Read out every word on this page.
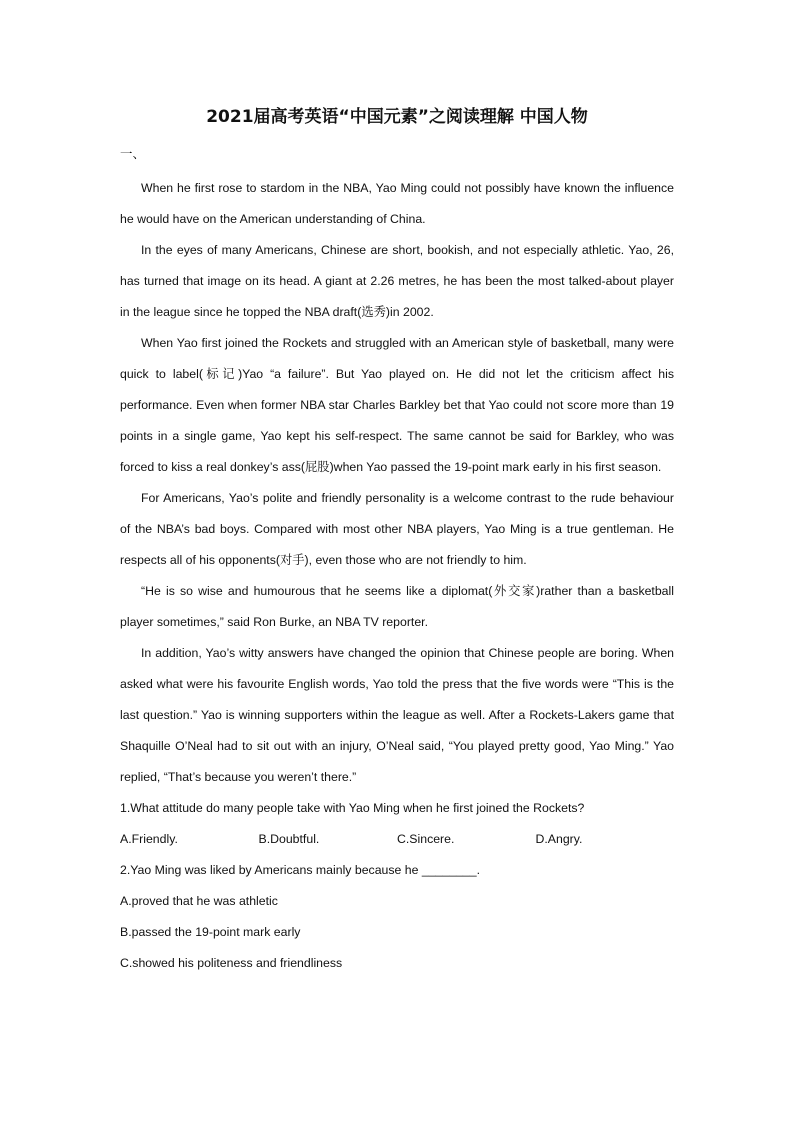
2021届高考英语“中国元素”之阅读理解 中国人物
一、

When he first rose to stardom in the NBA, Yao Ming could not possibly have known the influence he would have on the American understanding of China.

In the eyes of many Americans, Chinese are short, bookish, and not especially athletic. Yao, 26, has turned that image on its head. A giant at 2.26 metres, he has been the most talked-about player in the league since he topped the NBA draft(选秀)in 2002.

When Yao first joined the Rockets and struggled with an American style of basketball, many were quick to label(标记)Yao “a failure”. But Yao played on. He did not let the criticism affect his performance. Even when former NBA star Charles Barkley bet that Yao could not score more than 19 points in a single game, Yao kept his self-respect. The same cannot be said for Barkley, who was forced to kiss a real donkey’s ass(屁股)when Yao passed the 19-point mark early in his first season.

For Americans, Yao’s polite and friendly personality is a welcome contrast to the rude behaviour of the NBA’s bad boys. Compared with most other NBA players, Yao Ming is a true gentleman. He respects all of his opponents(对手), even those who are not friendly to him.

“He is so wise and humourous that he seems like a diplomat(外交家)rather than a basketball player sometimes,” said Ron Burke, an NBA TV reporter.

In addition, Yao’s witty answers have changed the opinion that Chinese people are boring. When asked what were his favourite English words, Yao told the press that the five words were “This is the last question.” Yao is winning supporters within the league as well. After a Rockets-Lakers game that Shaquille O’Neal had to sit out with an injury, O’Neal said, “You played pretty good, Yao Ming.” Yao replied, “That’s because you weren’t there.”

1.What attitude do many people take with Yao Ming when he first joined the Rockets?

A.Friendly.	B.Doubtful.	C.Sincere.	D.Angry.

2.Yao Ming was liked by Americans mainly because he ________.

A.proved that he was athletic

B.passed the 19-point mark early

C.showed his politeness and friendliness
